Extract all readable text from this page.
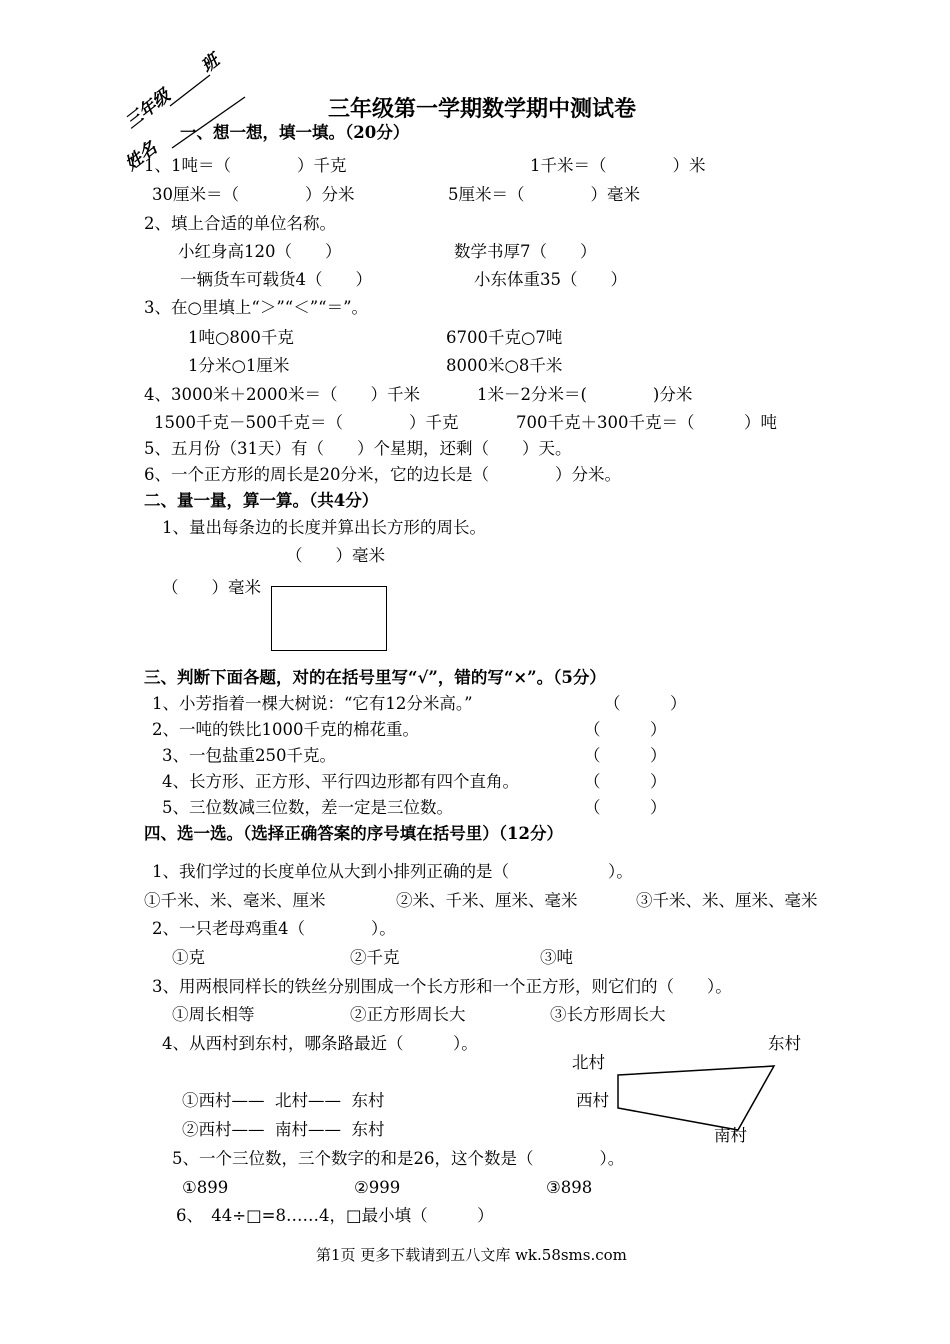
三年级
班
姓名
三年级第一学期数学期中测试卷
一、想一想，填一填。（20分）
1、1吨＝（　　　　）千克	1千米＝（　　　　）米
30厘米＝（　　　　）分米	5厘米＝（　　　　）毫米
2、填上合适的单位名称。
小红身高120（　　）	数学书厚7（　　）
一辆货车可载货4（　　）	小东体重35（　　）
3、在○里填上“＞”“＜”“＝”。
1吨○800千克	6700千克○7吨
1分米○1厘米	8000米○8千米
4、3000米＋2000米＝（　　）千米	1米－2分米＝(　　　　)分米
1500千克－500千克＝（　　　　）千克	700千克＋300千克＝（　　　）吨
5、五月份（31天）有（　　）个星期，还剩（　　）天。
6、一个正方形的周长是20分米，它的边长是（　　　　）分米。
二、量一量，算一算。（共4分）
1、量出每条边的长度并算出长方形的周长。
（　　）毫米
（　　）毫米
三、判断下面各题，对的在括号里写“√”，错的写“×”。（5分）
1、小芳指着一棵大树说：“它有12分米高。”	（　　　）
2、一吨的铁比1000千克的棉花重。	（　　　）
3、一包盐重250千克。	（　　　）
4、长方形、正方形、平行四边形都有四个直角。	（　　　）
5、三位数减三位数，差一定是三位数。	（　　　）
四、选一选。（选择正确答案的序号填在括号里）（12分）
1、我们学过的长度单位从大到小排列正确的是（　　　　　　）。
①千米、米、毫米、厘米	②米、千米、厘米、毫米	③千米、米、厘米、毫米
2、一只老母鸡重4（　　　　）。
①克	②千克	③吨
3、用两根同样长的铁丝分别围成一个长方形和一个正方形，则它们的（　　）。
①周长相等	②正方形周长大	③长方形周长大
4、从西村到东村，哪条路最近（　　　）。
①西村——  北村——  东村
②西村——  南村——  东村
东村
北村
西村
南村
5、一个三位数，三个数字的和是26，这个数是（　　　　）。
①899	②999	③898
6、　44÷□=8……4，□最小填（　　　）
第1页 更多下载请到五八文库 wk.58sms.com
